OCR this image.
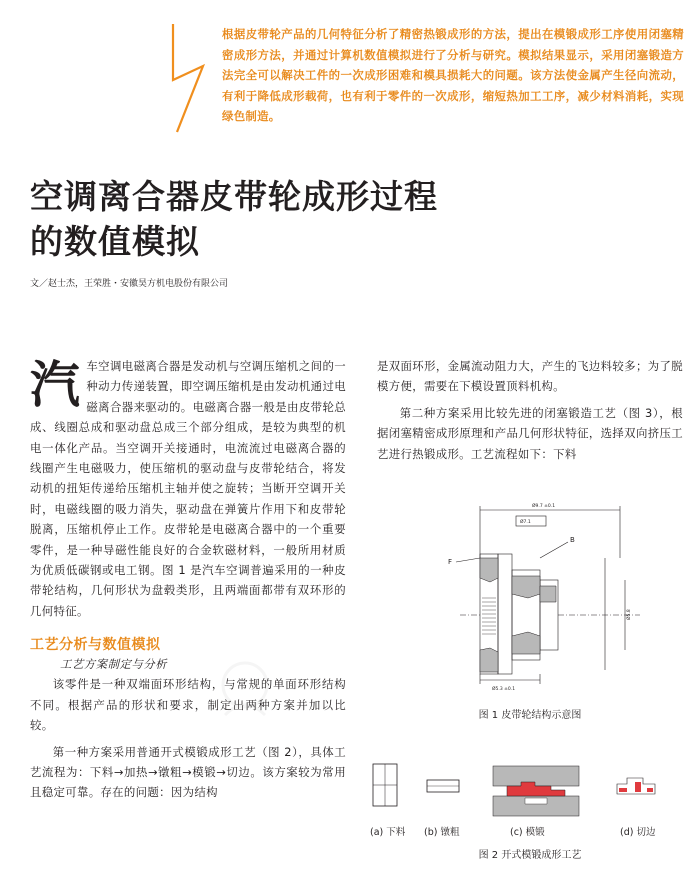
根据皮带轮产品的几何特征分析了精密热锻成形的方法，提出在模锻成形工序使用闭塞精密成形方法，并通过计算机数值模拟进行了分析与研究。模拟结果显示，采用闭塞锻造方法完全可以解决工件的一次成形困难和模具损耗大的问题。该方法使金属产生径向流动，有利于降低成形载荷，也有利于零件的一次成形，缩短热加工工序，减少材料消耗，实现绿色制造。
空调离合器皮带轮成形过程
的数值模拟
文／赵士杰，王荣胜・安徽昊方机电股份有限公司

汽车空调电磁离合器是发动机与空调压缩机之间的一种动力传递装置，即空调压缩机是由发动机通过电磁离合器来驱动的。电磁离合器一般是由皮带轮总成、线圈总成和驱动盘总成三个部分组成，是较为典型的机电一体化产品。当空调开关接通时，电流流过电磁离合器的线圈产生电磁吸力，使压缩机的驱动盘与皮带轮结合，将发动机的扭矩传递给压缩机主轴并使之旋转；当断开空调开关时，电磁线圈的吸力消失，驱动盘在弹簧片作用下和皮带轮脱离，压缩机停止工作。皮带轮是电磁离合器中的一个重要零件，是一种导磁性能良好的合金软磁材料，一般所用材质为优质低碳钢或电工钢。图 1 是汽车空调普遍采用的一种皮带轮结构，几何形状为盘毂类形，且两端面都带有双环形的几何特征。

工艺分析与数值模拟
工艺方案制定与分析

该零件是一种双端面环形结构，与常规的单面环形结构不同。根据产品的形状和要求，制定出两种方案并加以比较。

第一种方案采用普通开式模锻成形工艺（图 2），具体工艺流程为：下料→加热→镦粗→模锻→切边。该方案较为常用且稳定可靠。存在的问题：因为结构

是双面环形，金属流动阻力大，产生的飞边料较多；为了脱模方便，需要在下模设置顶料机构。

第二种方案采用比较先进的闭塞锻造工艺（图 3），根据闭塞精密成形原理和产品几何形状特征，选择双向挤压工艺进行热锻成形。工艺流程如下：下料

F
B
Ø9.7 ±0.1
Ø7.1
Ø5.8
Ø5.3 ±0.1
图 1 皮带轮结构示意图
(a) 下料 (b) 镦粗	(c) 模锻	(d) 切边
图 2 开式模锻成形工艺
